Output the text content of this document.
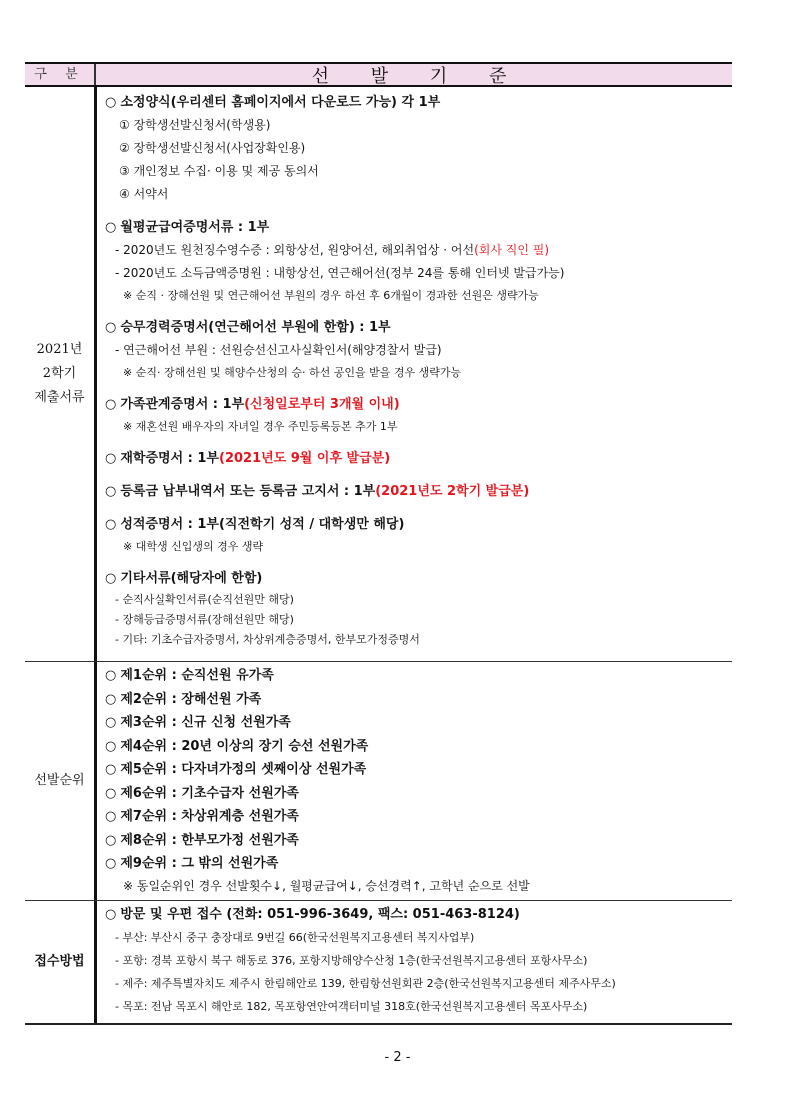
구 분	선 발 기 준
2021년
2학기
제출서류
○ 소정양식(우리센터 홈페이지에서 다운로드 가능) 각 1부
① 장학생선발신청서(학생용)
② 장학생선발신청서(사업장확인용)
③ 개인정보 수집· 이용 및 제공 동의서
④ 서약서
○ 월평균급여증명서류 : 1부
- 2020년도 원천징수영수증 : 외항상선, 원양어선, 해외취업상 · 어선(회사 직인 필)
- 2020년도 소득금액증명원 : 내항상선, 연근해어선(정부 24를 통해 인터넷 발급가능)
※ 순직 · 장해선원 및 연근해어선 부원의 경우 하선 후 6개월이 경과한 선원은 생략가능
○ 승무경력증명서(연근해어선 부원에 한함) : 1부
- 연근해어선 부원 : 선원승선신고사실확인서(해양경찰서 발급)
※ 순직· 장해선원 및 해양수산청의 승· 하선 공인을 받을 경우 생략가능
○ 가족관계증명서 : 1부(신청일로부터 3개월 이내)
※ 재혼선원 배우자의 자녀일 경우 주민등록등본 추가 1부
○ 재학증명서 : 1부(2021년도 9월 이후 발급분)
○ 등록금 납부내역서 또는 등록금 고지서 : 1부(2021년도 2학기 발급분)
○ 성적증명서 : 1부(직전학기 성적 / 대학생만 해당)
※ 대학생 신입생의 경우 생략
○ 기타서류(해당자에 한함)
- 순직사실확인서류(순직선원만 해당)
- 장해등급증명서류(장해선원만 해당)
- 기타: 기초수급자증명서, 차상위계층증명서, 한부모가정증명서
선발순위
○ 제1순위 : 순직선원 유가족
○ 제2순위 : 장해선원 가족
○ 제3순위 : 신규 신청 선원가족
○ 제4순위 : 20년 이상의 장기 승선 선원가족
○ 제5순위 : 다자녀가정의 셋째이상 선원가족
○ 제6순위 : 기초수급자 선원가족
○ 제7순위 : 차상위계층 선원가족
○ 제8순위 : 한부모가정 선원가족
○ 제9순위 : 그 밖의 선원가족
※ 동일순위인 경우 선발횟수↓, 월평균급여↓, 승선경력↑, 고학년 순으로 선발
접수방법
○ 방문 및 우편 접수 (전화: 051-996-3649, 팩스: 051-463-8124)
- 부산: 부산시 중구 충장대로 9번길 66(한국선원복지고용센터 복지사업부)
- 포항: 경북 포항시 북구 해동로 376, 포항지방해양수산청 1층(한국선원복지고용센터 포항사무소)
- 제주: 제주특별자치도 제주시 한림해안로 139, 한림항선원회관 2층(한국선원복지고용센터 제주사무소)
- 목포: 전남 목포시 해안로 182, 목포항연안여객터미널 318호(한국선원복지고용센터 목포사무소)
- 2 -
